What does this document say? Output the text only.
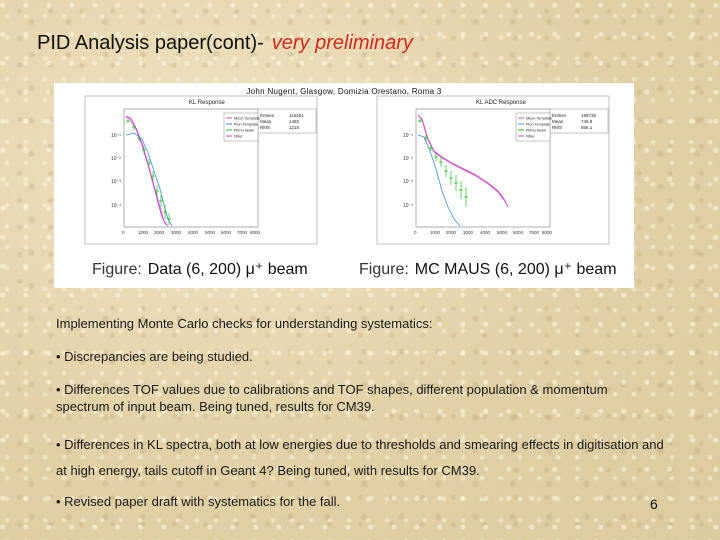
PID Analysis paper(cont)- very preliminary
John Nugent, Glasgow, Domizia Orestano, Roma 3
KL Response
10⁻¹
10⁻²
10⁻³
10⁻⁴
0	1000 2000 3000 4000 5000 6000 7000 8000
Entries	115451
Mean	1482
RMS	1218
Muon Template
Pion Template
Pi/mu beam
Fitter
KL ADC Response
10⁻¹
10⁻²
10⁻³
10⁻⁴
0	1000 2000 3000 4000 5000 6000 7000 8000
Entries	185735
Mean	746.8
RMS	866.1
Muon Template
Pion Template
Pi/mu beam
Fitter
Figure: Data (6, 200) μ⁺ beam	Figure: MC MAUS (6, 200) μ⁺ beam
Implementing Monte Carlo checks for understanding systematics:
• Discrepancies are being studied.
• Differences TOF values due to calibrations and TOF shapes, different population & momentum spectrum of input beam. Being tuned, results for CM39.
• Differences in KL spectra, both at low energies due to thresholds and smearing effects in digitisation and at high energy, tails cutoff in Geant 4? Being tuned, with results for CM39.
• Revised paper draft with systematics for the fall.	6
